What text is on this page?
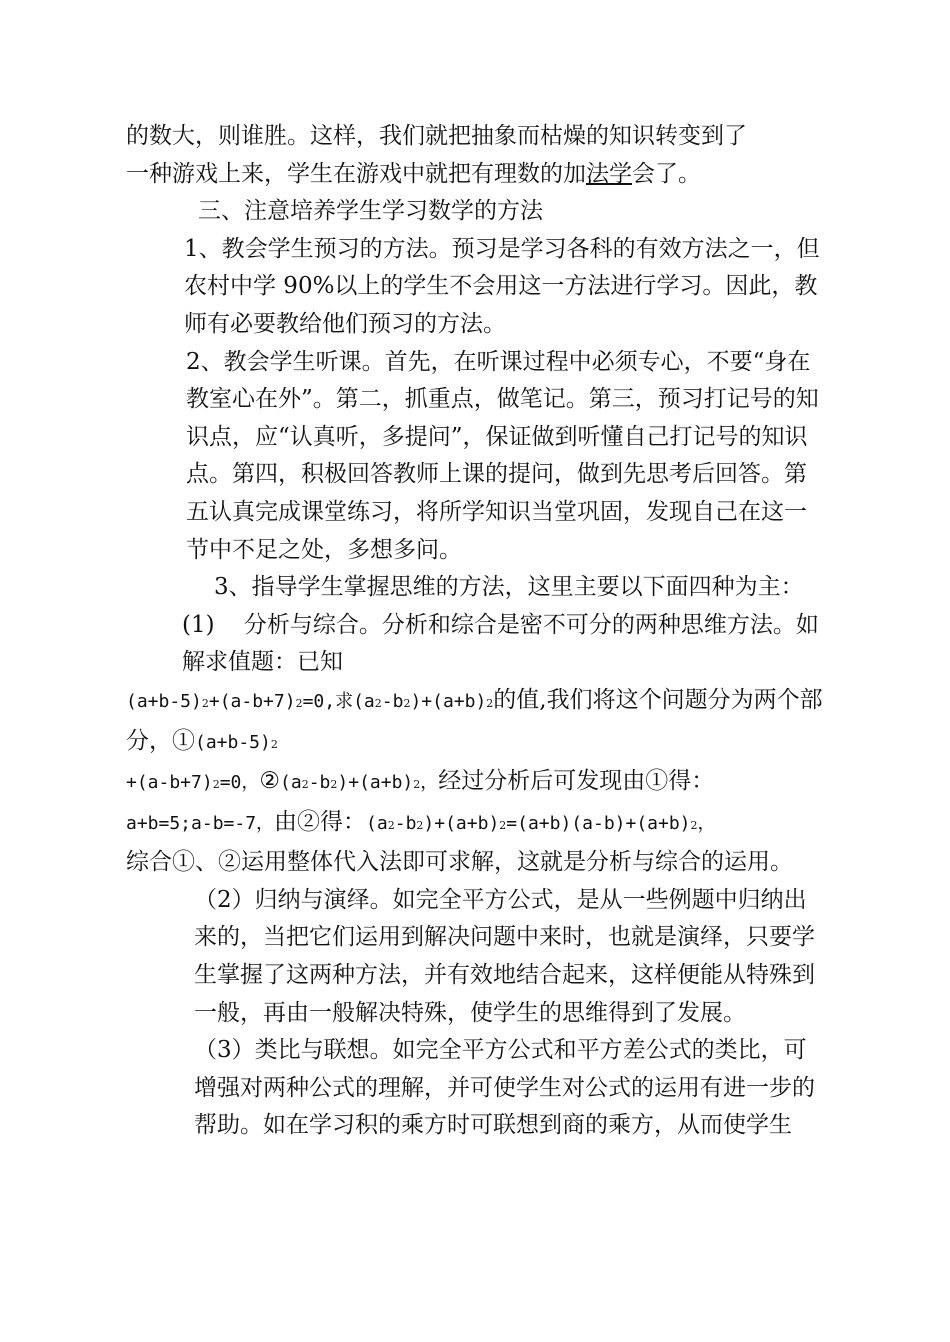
的数大，则谁胜。这样，我们就把抽象而枯燥的知识转变到了
一种游戏上来，学生在游戏中就把有理数的加法学会了。

三、注意培养学生学习数学的方法

1、教会学生预习的方法。预习是学习各科的有效方法之一，但农村中学 90%以上的学生不会用这一方法进行学习。因此，教师有必要教给他们预习的方法。

2、教会学生听课。首先，在听课过程中必须专心，不要“身在教室心在外”。第二，抓重点，做笔记。第三，预习打记号的知识点，应“认真听，多提问”，保证做到听懂自己打记号的知识点。第四，积极回答教师上课的提问，做到先思考后回答。第五认真完成课堂练习，将所学知识当堂巩固，发现自己在这一节中不足之处，多想多问。

3、指导学生掌握思维的方法，这里主要以下面四种为主：

(1) 分析与综合。分析和综合是密不可分的两种思维方法。如解求值题：已知

(a+b-5)2+(a-b+7)2=0,求(a2-b2)+(a+b)2的值,我们将这个问题分为两个部分，①(a+b-5)2

+(a-b+7)2=0，②(a2-b2)+(a+b)2，经过分析后可发现由①得：

a+b=5;a-b=-7，由②得：(a2-b2)+(a+b)2=(a+b)(a-b)+(a+b)2，

综合①、②运用整体代入法即可求解，这就是分析与综合的运用。

（2）归纳与演绎。如完全平方公式，是从一些例题中归纳出来的，当把它们运用到解决问题中来时，也就是演绎，只要学生掌握了这两种方法，并有效地结合起来，这样便能从特殊到一般，再由一般解决特殊，使学生的思维得到了发展。

（3）类比与联想。如完全平方公式和平方差公式的类比，可增强对两种公式的理解，并可使学生对公式的运用有进一步的帮助。如在学习积的乘方时可联想到商的乘方，从而使学生
